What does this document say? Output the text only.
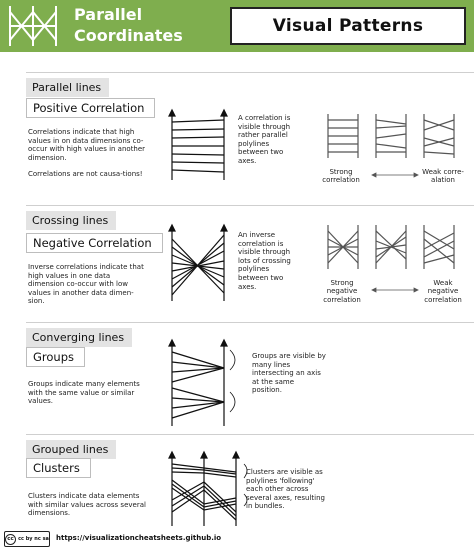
Parallel
Coordinates	Visual Patterns
Parallel lines
Positive Correlation

Correlations indicate that high values in on data dimensions co-occur with high values in another dimension.

Correlations are not causa-tions!

A correlation is visible through rather parallel polylines between two axes.
Strong correlation
Weak corre-alation
Crossing lines
Negative Correlation

Inverse correlations indicate that high values in one data dimension co-occur with low values in another data dimen-sion.

An inverse correlation is visible through lots of crossing polylines between two axes.	Strong negative correlation
Weak negative correlation
Converging lines
Groups

Groups indicate many elements with the same value or similar values.

Groups are visible by many lines intersecting an axis at the same position.
Grouped lines
Clusters

Clusters indicate data elements with similar values across several dimensions.

Clusters are visible as polylines 'following' each other across several axes, resulting in bundles.
cc cc by nc sa https://visualizationcheatsheets.github.io
